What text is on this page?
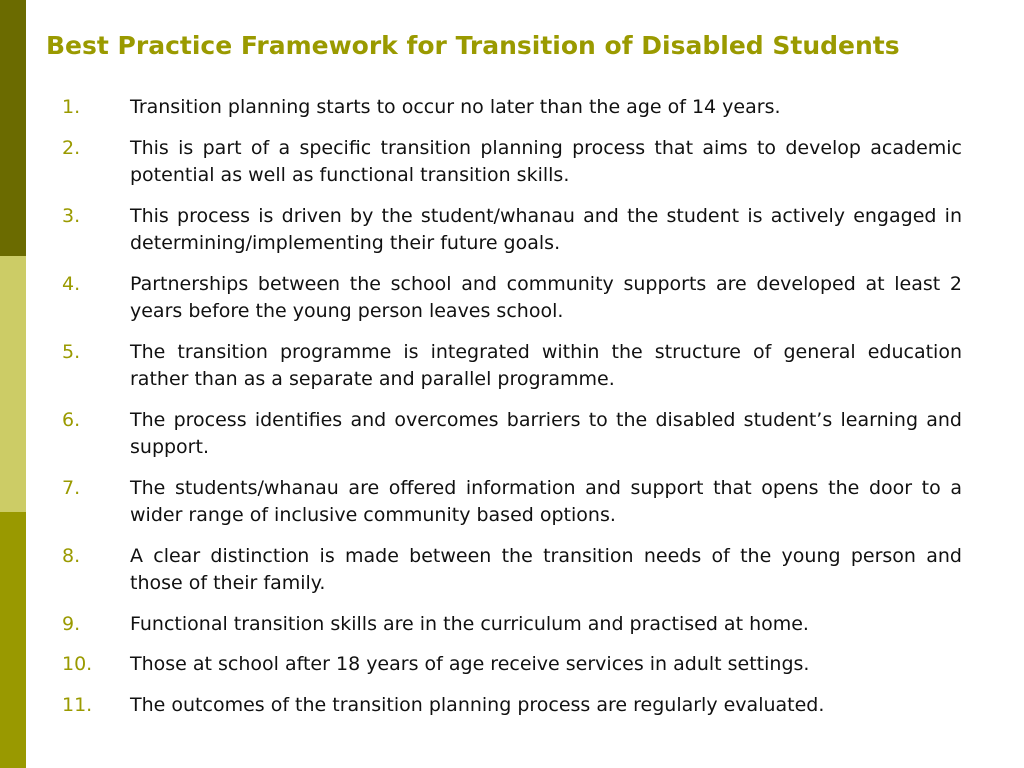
Best Practice Framework for Transition of Disabled Students
1.	Transition planning starts to occur no later than the age of 14 years.
2.	This is part of a specific transition planning process that aims to develop academic potential as well as functional transition skills.
3.	This process is driven by the student/whanau and the student is actively engaged in determining/implementing their future goals.
4.	Partnerships between the school and community supports are developed at least 2 years before the young person leaves school.
5.	The transition programme is integrated within the structure of general education rather than as a separate and parallel programme.
6.	The process identifies and overcomes barriers to the disabled student’s learning and support.
7.	The students/whanau are offered information and support that opens the door to a wider range of inclusive community based options.
8.	A clear distinction is made between the transition needs of the young person and those of their family.
9.	Functional transition skills are in the curriculum and practised at home.
10. Those at school after 18 years of age receive services in adult settings.
11. The outcomes of the transition planning process are regularly evaluated.
